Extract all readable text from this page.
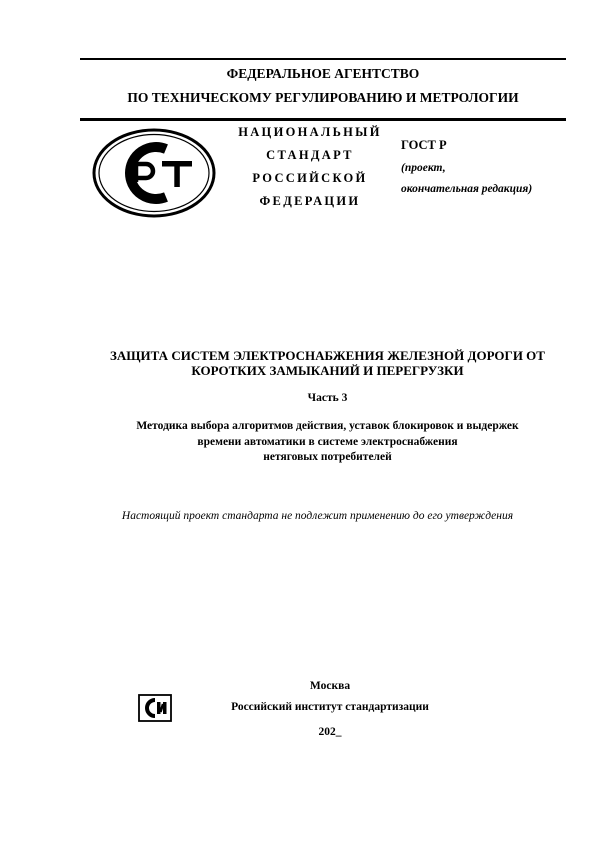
ФЕДЕРАЛЬНОЕ АГЕНТСТВО
ПО ТЕХНИЧЕСКОМУ РЕГУЛИРОВАНИЮ И МЕТРОЛОГИИ
НАЦИОНАЛЬНЫЙ
СТАНДАРТ
РОССИЙСКОЙ
ФЕДЕРАЦИИ
ГОСТ Р
(проект,
окончательная редакция)
ЗАЩИТА СИСТЕМ ЭЛЕКТРОСНАБЖЕНИЯ ЖЕЛЕЗНОЙ ДОРОГИ ОТ
КОРОТКИХ ЗАМЫКАНИЙ И ПЕРЕГРУЗКИ
Часть 3
Методика выбора алгоритмов действия, уставок блокировок и выдержек
времени автоматики в системе электроснабжения
нетяговых потребителей
Настоящий проект стандарта не подлежит применению до его утверждения
Москва
Российский институт стандартизации
202_
